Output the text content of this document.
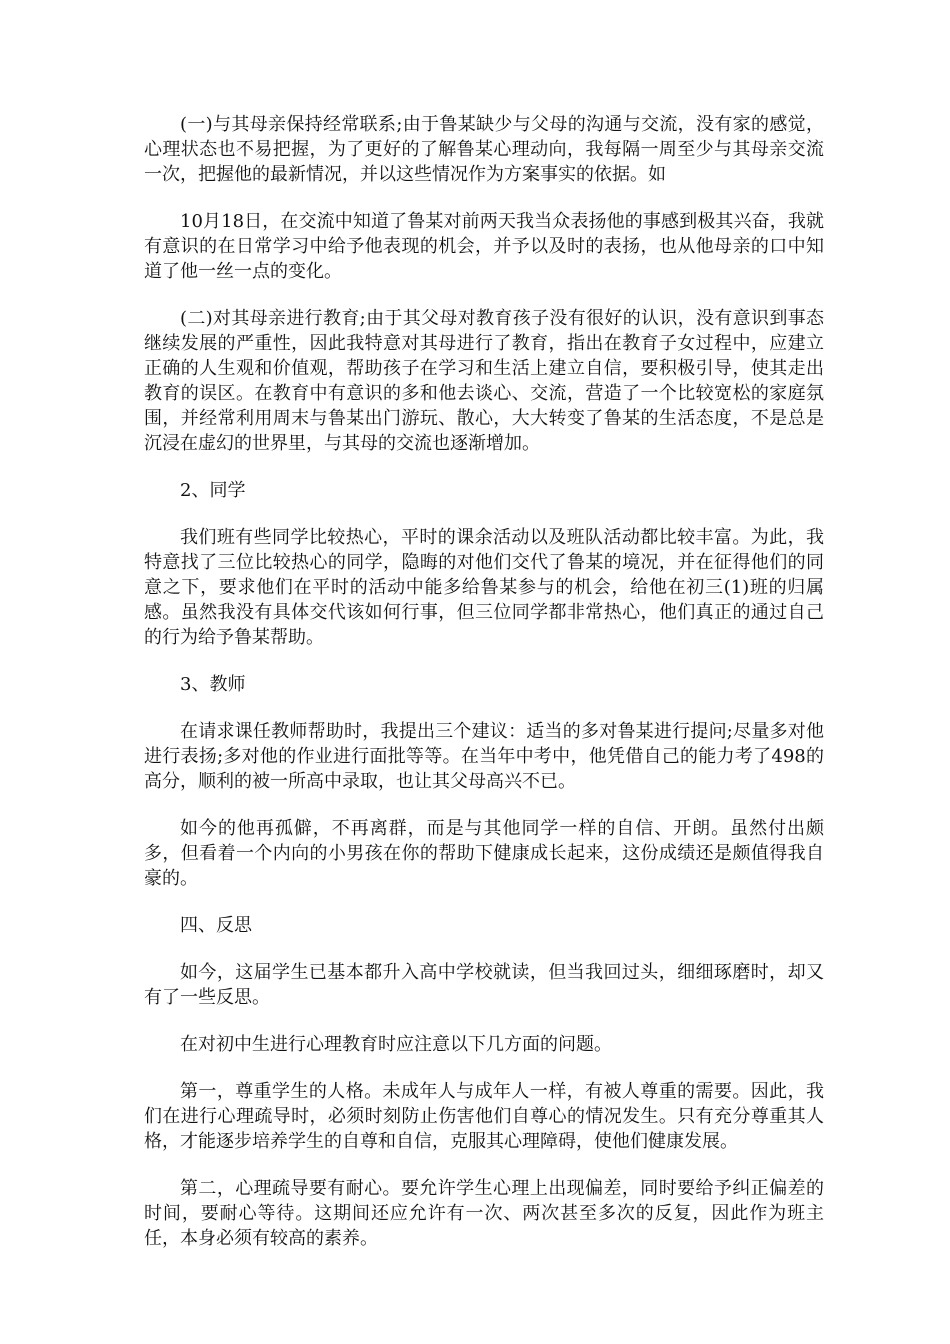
(一)与其母亲保持经常联系;由于鲁某缺少与父母的沟通与交流，没有家的感觉，心理状态也不易把握，为了更好的了解鲁某心理动向，我每隔一周至少与其母亲交流一次，把握他的最新情况，并以这些情况作为方案事实的依据。如

10月18日，在交流中知道了鲁某对前两天我当众表扬他的事感到极其兴奋，我就有意识的在日常学习中给予他表现的机会，并予以及时的表扬，也从他母亲的口中知道了他一丝一点的变化。

(二)对其母亲进行教育;由于其父母对教育孩子没有很好的认识，没有意识到事态继续发展的严重性，因此我特意对其母进行了教育，指出在教育子女过程中，应建立正确的人生观和价值观，帮助孩子在学习和生活上建立自信，要积极引导，使其走出教育的误区。在教育中有意识的多和他去谈心、交流，营造了一个比较宽松的家庭氛围，并经常利用周末与鲁某出门游玩、散心，大大转变了鲁某的生活态度，不是总是沉浸在虚幻的世界里，与其母的交流也逐渐增加。

2、同学

我们班有些同学比较热心，平时的课余活动以及班队活动都比较丰富。为此，我特意找了三位比较热心的同学，隐晦的对他们交代了鲁某的境况，并在征得他们的同意之下，要求他们在平时的活动中能多给鲁某参与的机会，给他在初三(1)班的归属感。虽然我没有具体交代该如何行事，但三位同学都非常热心，他们真正的通过自己的行为给予鲁某帮助。

3、教师

在请求课任教师帮助时，我提出三个建议：适当的多对鲁某进行提问;尽量多对他进行表扬;多对他的作业进行面批等等。在当年中考中，他凭借自己的能力考了498的高分，顺利的被一所高中录取，也让其父母高兴不已。

如今的他再孤僻，不再离群，而是与其他同学一样的自信、开朗。虽然付出颇多，但看着一个内向的小男孩在你的帮助下健康成长起来，这份成绩还是颇值得我自豪的。

四、反思

如今，这届学生已基本都升入高中学校就读，但当我回过头，细细琢磨时，却又有了一些反思。

在对初中生进行心理教育时应注意以下几方面的问题。

第一，尊重学生的人格。未成年人与成年人一样，有被人尊重的需要。因此，我们在进行心理疏导时，必须时刻防止伤害他们自尊心的情况发生。只有充分尊重其人格，才能逐步培养学生的自尊和自信，克服其心理障碍，使他们健康发展。

第二，心理疏导要有耐心。要允许学生心理上出现偏差，同时要给予纠正偏差的时间，要耐心等待。这期间还应允许有一次、两次甚至多次的反复，因此作为班主任，本身必须有较高的素养。
